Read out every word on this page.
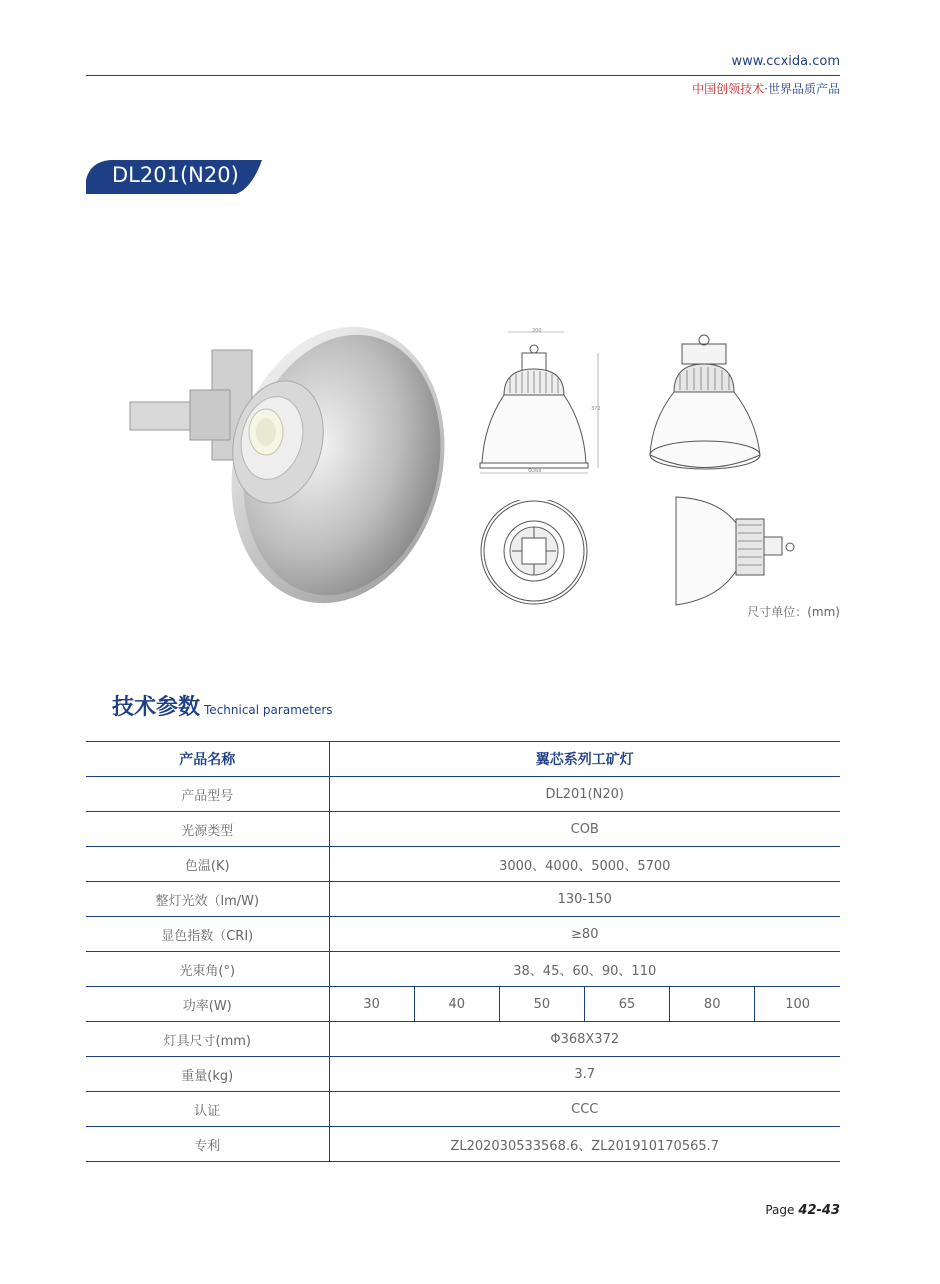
www.ccxida.com
中国创领技术·世界品质产品
DL201(N20)
200
Φ368
372
尺寸单位：(mm)
技术参数 Technical parameters
产品名称	翼芯系列工矿灯					
产品型号	DL201(N20)					
光源类型	COB					
色温(K)	3000、4000、5000、5700					
整灯光效（lm/W)	130-150					
显色指数（CRI)	≥80					
光束角(°)	38、45、60、90、110					
功率(W)	30	40	50	65	80	100
灯具尺寸(mm)	Φ368X372					
重量(kg)	3.7					
认证	CCC					
专利	ZL202030533568.6、ZL201910170565.7					
Page 42-43
